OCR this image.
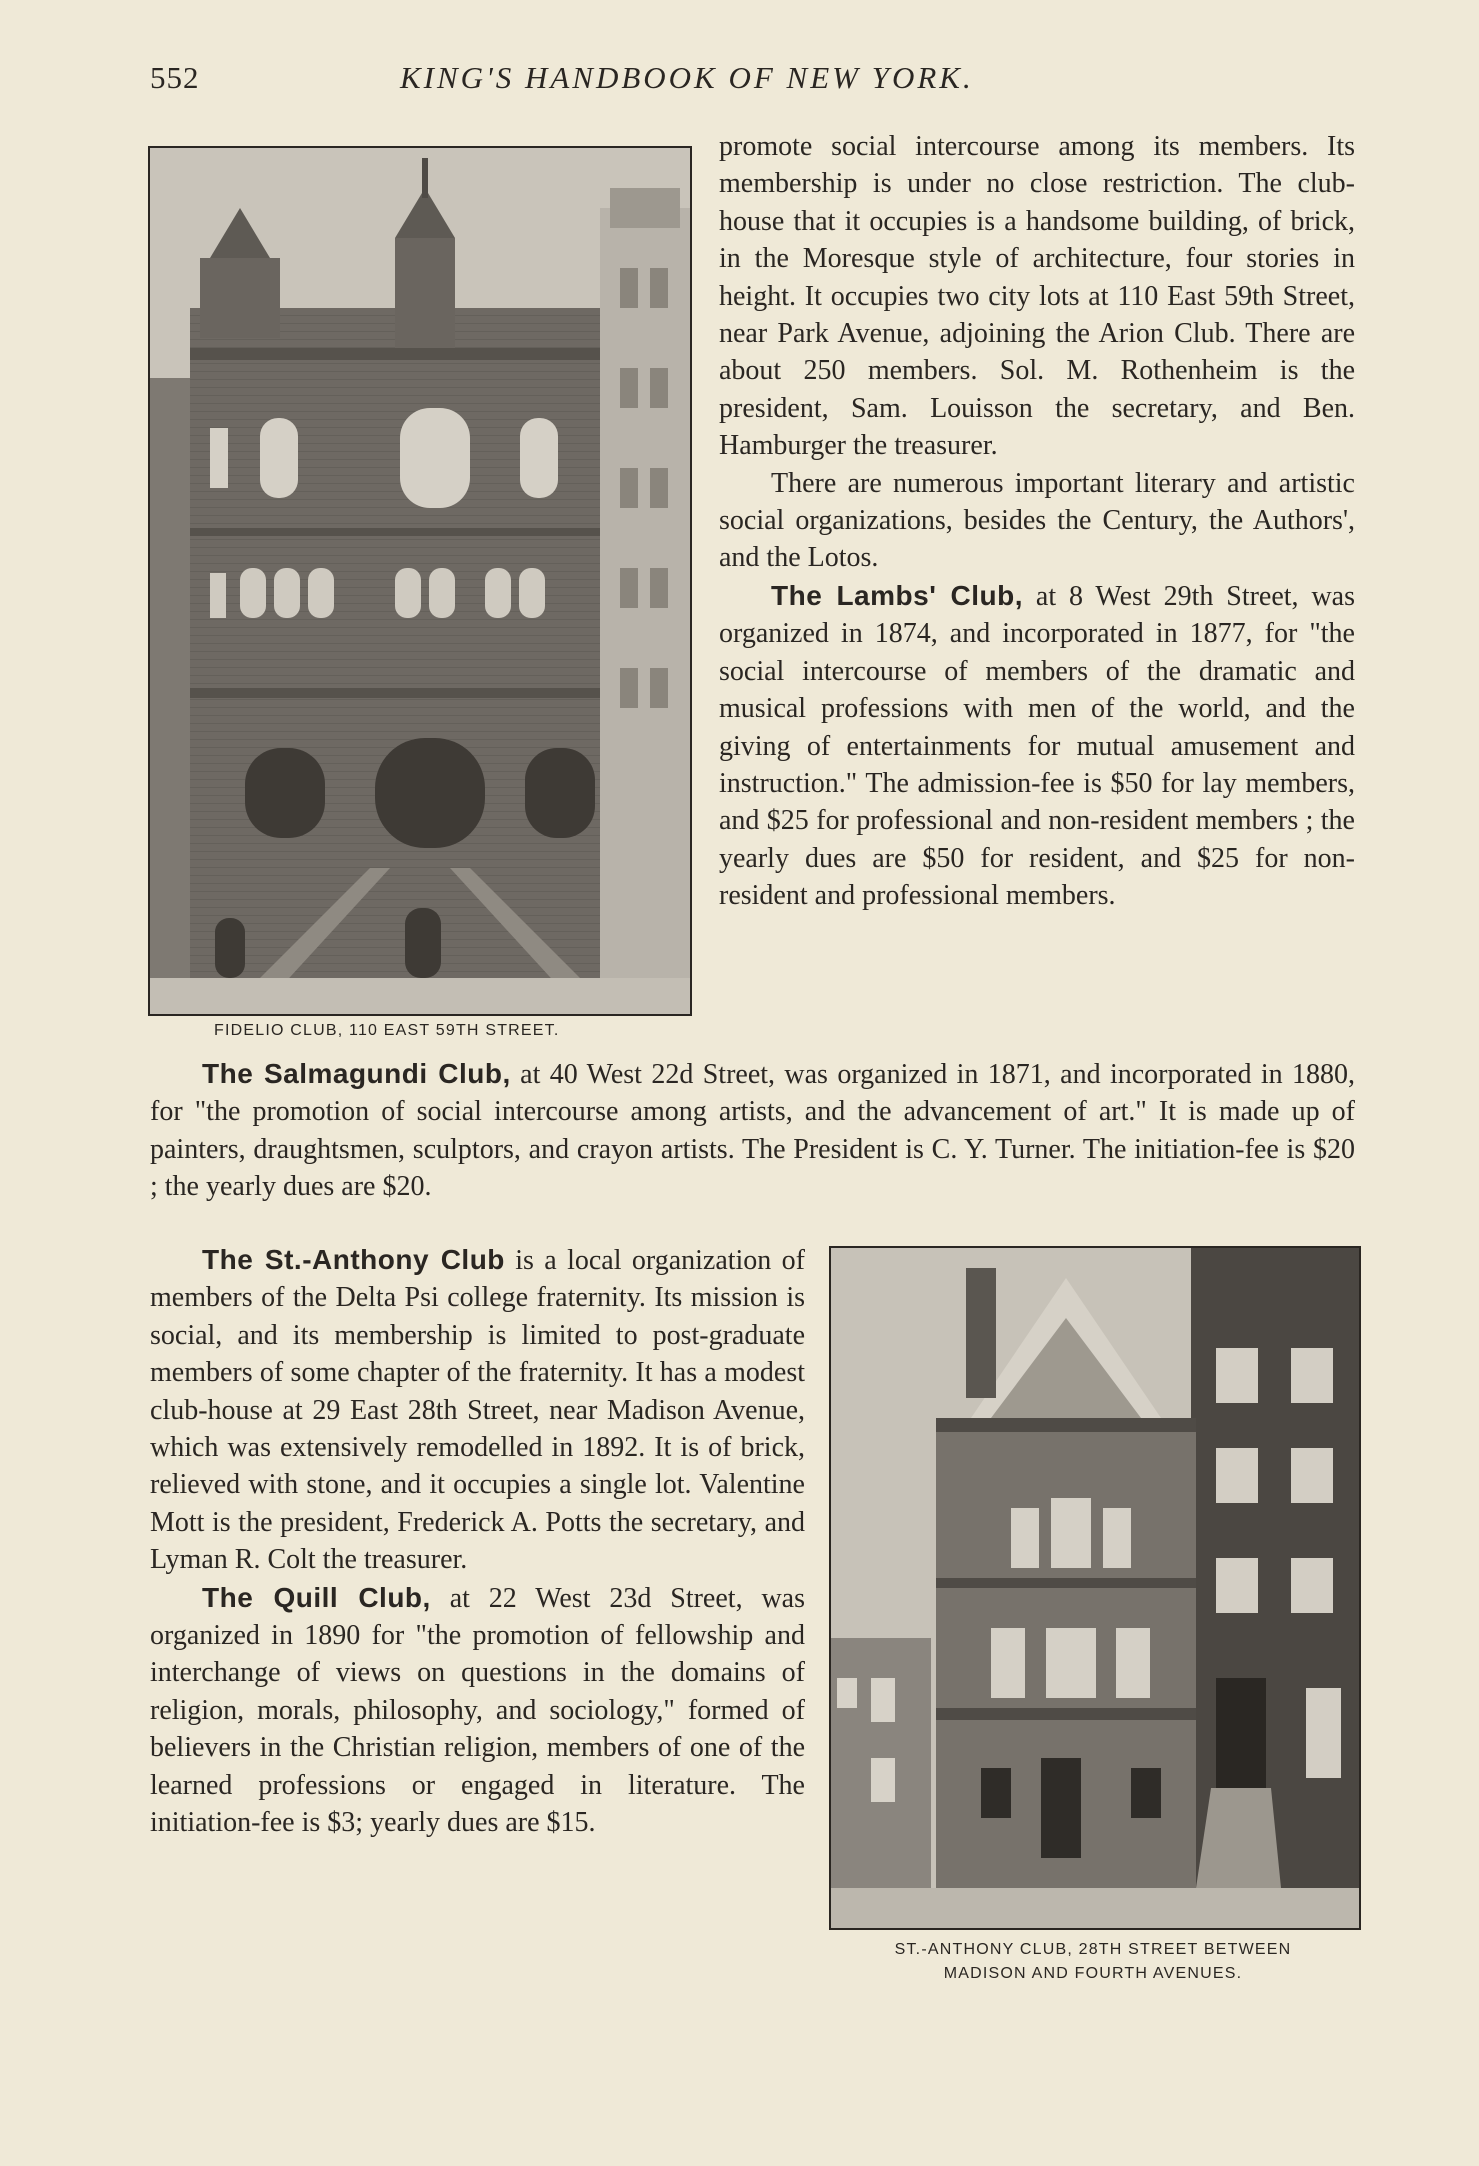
552	KING'S HANDBOOK OF NEW YORK.
FIDELIO CLUB, 110 EAST 59TH STREET.

promote social intercourse among its members. Its membership is under no close restriction. The club-house that it occupies is a handsome building, of brick, in the Moresque style of architecture, four stories in height. It occupies two city lots at 110 East 59th Street, near Park Avenue, adjoining the Arion Club. There are about 250 members. Sol. M. Rothenheim is the president, Sam. Louisson the secretary, and Ben. Hamburger the treasurer.

There are numerous important literary and artistic social organizations, besides the Century, the Authors', and the Lotos.

The Lambs' Club, at 8 West 29th Street, was organized in 1874, and incorporated in 1877, for "the social intercourse of members of the dramatic and musical professions with men of the world, and the giving of entertainments for mutual amusement and instruction." The admission-fee is $50 for lay members, and $25 for professional and non-resident members ; the yearly dues are $50 for resident, and $25 for non-resident and professional members.

The Salmagundi Club, at 40 West 22d Street, was organized in 1871, and incorporated in 1880, for "the promotion of social intercourse among artists, and the advancement of art." It is made up of painters, draughtsmen, sculptors, and crayon artists. The President is C. Y. Turner. The initiation-fee is $20 ; the yearly dues are $20.

The St.-Anthony Club is a local organization of members of the Delta Psi college fraternity. Its mission is social, and its membership is limited to post-graduate members of some chapter of the fraternity. It has a modest club-house at 29 East 28th Street, near Madison Avenue, which was extensively remodelled in 1892. It is of brick, relieved with stone, and it occupies a single lot. Valentine Mott is the president, Frederick A. Potts the secretary, and Lyman R. Colt the treasurer.

The Quill Club, at 22 West 23d Street, was organized in 1890 for "the promotion of fellowship and interchange of views on questions in the domains of religion, morals, philosophy, and sociology," formed of believers in the Christian religion, members of one of the learned professions or engaged in literature. The initiation-fee is $3; yearly dues are $15.

ST.-ANTHONY CLUB, 28TH STREET BETWEEN
MADISON AND FOURTH AVENUES.
